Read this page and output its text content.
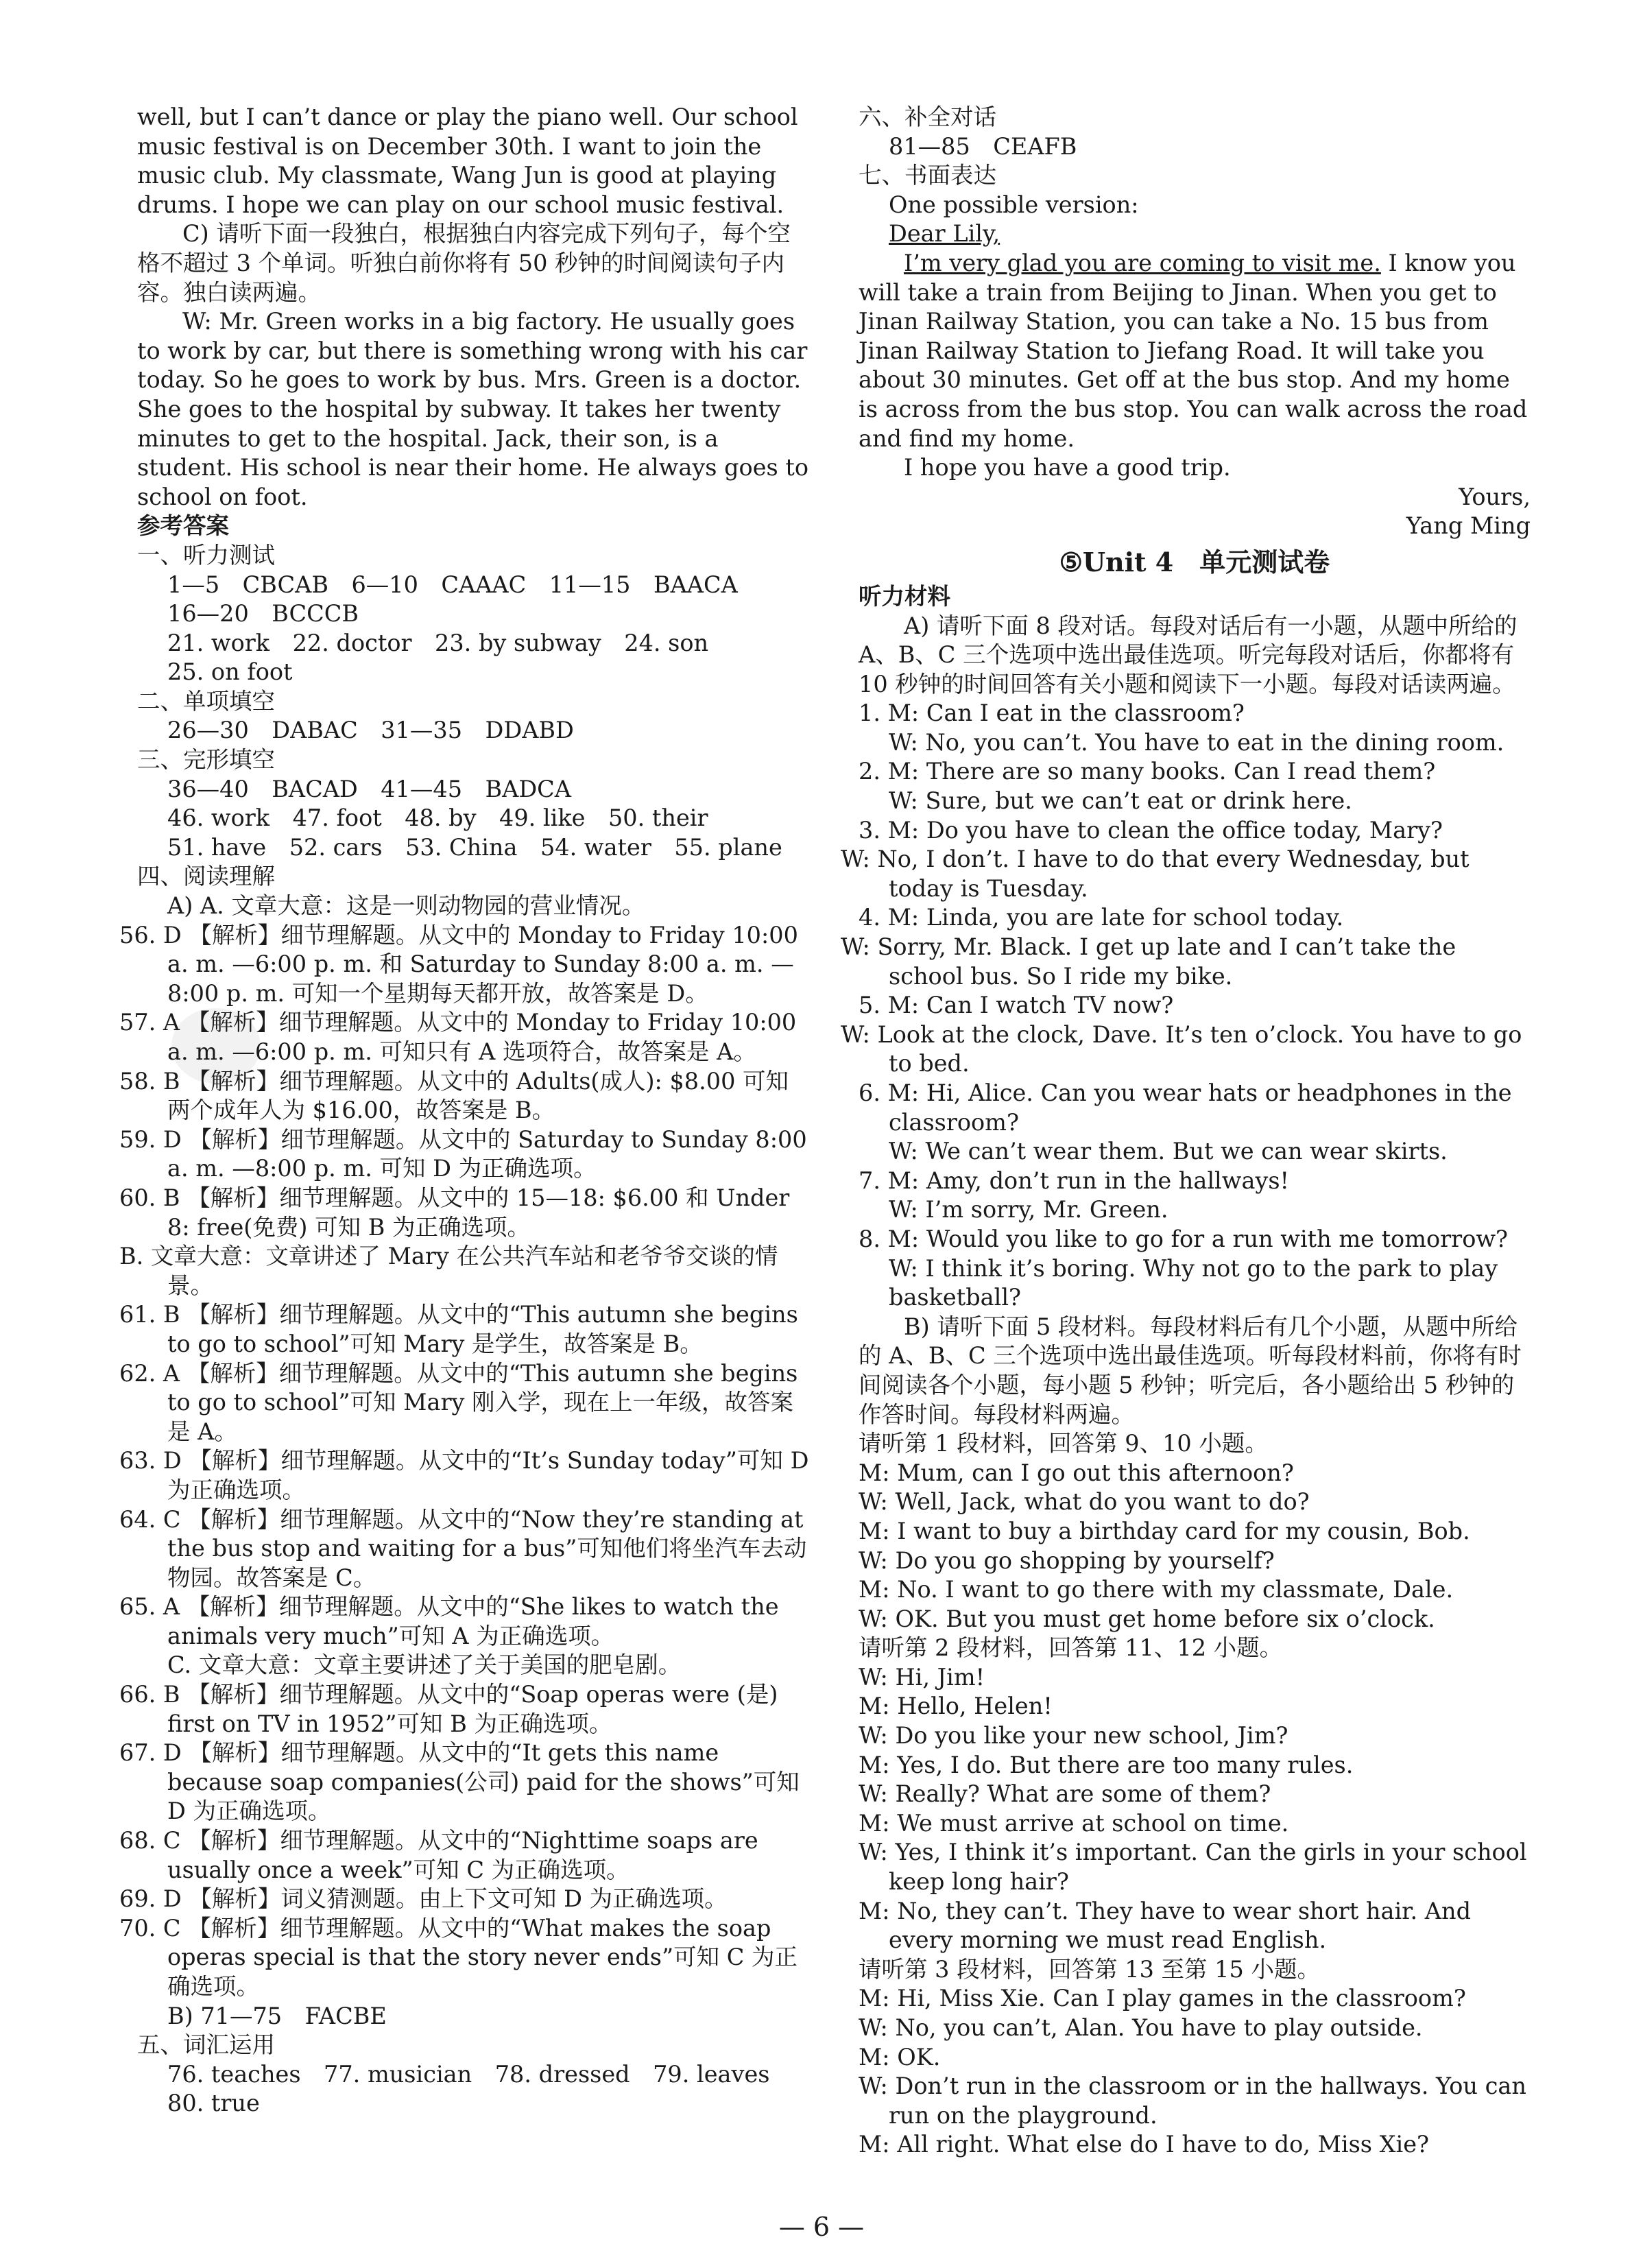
well, but I can’t dance or play the piano well. Our school music festival is on December 30th. I want to join the music club. My classmate, Wang Jun is good at playing drums. I hope we can play on our school music festival.

C) 请听下面一段独白，根据独白内容完成下列句子，每个空格不超过 3 个单词。听独白前你将有 50 秒钟的时间阅读句子内容。独白读两遍。

W: Mr. Green works in a big factory. He usually goes to work by car, but there is something wrong with his car today. So he goes to work by bus. Mrs. Green is a doctor. She goes to the hospital by subway. It takes her twenty minutes to get to the hospital. Jack, their son, is a student. His school is near their home. He always goes to school on foot.

参考答案

一、听力测试

1—5　CBCAB　6—10　CAAAC　11—15　BAACA

16—20　BCCCB

21. work　22. doctor　23. by subway　24. son

25. on foot

二、单项填空

26—30　DABAC　31—35　DDABD

三、完形填空

36—40　BACAD　41—45　BADCA

46. work　47. foot　48. by　49. like　50. their

51. have　52. cars　53. China　54. water　55. plane

四、阅读理解

A) A. 文章大意：这是一则动物园的营业情况。

56. D 【解析】细节理解题。从文中的 Monday to Friday 10:00 a. m. —6:00 p. m. 和 Saturday to Sunday 8:00 a. m. —8:00 p. m. 可知一个星期每天都开放，故答案是 D。

57. A 【解析】细节理解题。从文中的 Monday to Friday 10:00 a. m. —6:00 p. m. 可知只有 A 选项符合，故答案是 A。

58. B 【解析】细节理解题。从文中的 Adults(成人): $8.00 可知两个成年人为 $16.00，故答案是 B。

59. D 【解析】细节理解题。从文中的 Saturday to Sunday 8:00 a. m. —8:00 p. m. 可知 D 为正确选项。

60. B 【解析】细节理解题。从文中的 15—18: $6.00 和 Under 8: free(免费) 可知 B 为正确选项。

B. 文章大意：文章讲述了 Mary 在公共汽车站和老爷爷交谈的情景。

61. B 【解析】细节理解题。从文中的“This autumn she begins to go to school”可知 Mary 是学生，故答案是 B。

62. A 【解析】细节理解题。从文中的“This autumn she begins to go to school”可知 Mary 刚入学，现在上一年级，故答案是 A。

63. D 【解析】细节理解题。从文中的“It’s Sunday today”可知 D 为正确选项。

64. C 【解析】细节理解题。从文中的“Now they’re standing at the bus stop and waiting for a bus”可知他们将坐汽车去动物园。故答案是 C。

65. A 【解析】细节理解题。从文中的“She likes to watch the animals very much”可知 A 为正确选项。

C. 文章大意：文章主要讲述了关于美国的肥皂剧。

66. B 【解析】细节理解题。从文中的“Soap operas were (是) first on TV in 1952”可知 B 为正确选项。

67. D 【解析】细节理解题。从文中的“It gets this name because soap companies(公司) paid for the shows”可知 D 为正确选项。

68. C 【解析】细节理解题。从文中的“Nighttime soaps are usually once a week”可知 C 为正确选项。

69. D 【解析】词义猜测题。由上下文可知 D 为正确选项。

70. C 【解析】细节理解题。从文中的“What makes the soap operas special is that the story never ends”可知 C 为正确选项。

B) 71—75　FACBE

五、词汇运用

76. teaches　77. musician　78. dressed　79. leaves　80. true

六、补全对话

81—85　CEAFB

七、书面表达

One possible version:

Dear Lily,

I’m very glad you are coming to visit me. I know you will take a train from Beijing to Jinan. When you get to Jinan Railway Station, you can take a No. 15 bus from Jinan Railway Station to Jiefang Road. It will take you about 30 minutes. Get off at the bus stop. And my home is across from the bus stop. You can walk across the road and find my home.

I hope you have a good trip.

Yours,

Yang Ming

⑤Unit 4　单元测试卷

听力材料

A) 请听下面 8 段对话。每段对话后有一小题，从题中所给的 A、B、C 三个选项中选出最佳选项。听完每段对话后，你都将有 10 秒钟的时间回答有关小题和阅读下一小题。每段对话读两遍。

1. M: Can I eat in the classroom?

W: No, you can’t. You have to eat in the dining room.

2. M: There are so many books. Can I read them?

W: Sure, but we can’t eat or drink here.

3. M: Do you have to clean the office today, Mary?

W: No, I don’t. I have to do that every Wednesday, but today is Tuesday.

4. M: Linda, you are late for school today.

W: Sorry, Mr. Black. I get up late and I can’t take the school bus. So I ride my bike.

5. M: Can I watch TV now?

W: Look at the clock, Dave. It’s ten o’clock. You have to go to bed.

6. M: Hi, Alice. Can you wear hats or headphones in the classroom?

W: We can’t wear them. But we can wear skirts.

7. M: Amy, don’t run in the hallways!

W: I’m sorry, Mr. Green.

8. M: Would you like to go for a run with me tomorrow?

W: I think it’s boring. Why not go to the park to play basketball?

B) 请听下面 5 段材料。每段材料后有几个小题，从题中所给的 A、B、C 三个选项中选出最佳选项。听每段材料前，你将有时间阅读各个小题，每小题 5 秒钟；听完后，各小题给出 5 秒钟的作答时间。每段材料两遍。

请听第 1 段材料，回答第 9、10 小题。

M: Mum, can I go out this afternoon?

W: Well, Jack, what do you want to do?

M: I want to buy a birthday card for my cousin, Bob.

W: Do you go shopping by yourself?

M: No. I want to go there with my classmate, Dale.

W: OK. But you must get home before six o’clock.

请听第 2 段材料，回答第 11、12 小题。

W: Hi, Jim!

M: Hello, Helen!

W: Do you like your new school, Jim?

M: Yes, I do. But there are too many rules.

W: Really? What are some of them?

M: We must arrive at school on time.

W: Yes, I think it’s important. Can the girls in your school keep long hair?

M: No, they can’t. They have to wear short hair. And every morning we must read English.

请听第 3 段材料，回答第 13 至第 15 小题。

M: Hi, Miss Xie. Can I play games in the classroom?

W: No, you can’t, Alan. You have to play outside.

M: OK.

W: Don’t run in the classroom or in the hallways. You can run on the playground.

M: All right. What else do I have to do, Miss Xie?

— 6 —
